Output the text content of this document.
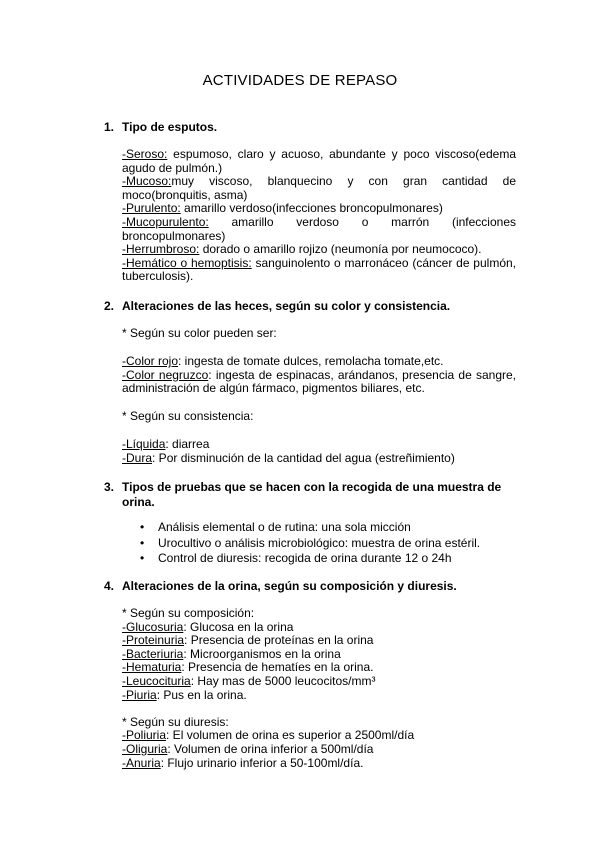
ACTIVIDADES DE REPASO
1. Tipo de esputos.
-Seroso: espumoso, claro y acuoso, abundante y poco viscoso(edema agudo de pulmón.)
-Mucoso:muy viscoso, blanquecino y con gran cantidad de moco(bronquitis, asma)
-Purulento: amarillo verdoso(infecciones broncopulmonares)
-Mucopurulento: amarillo verdoso o marrón (infecciones broncopulmonares)
-Herrumbroso: dorado o amarillo rojizo (neumonía por neumococo).
-Hemático o hemoptisis: sanguinolento o marronáceo (cáncer de pulmón, tuberculosis).
2. Alteraciones de las heces, según su color y consistencia.
* Según su color pueden ser:
-Color rojo: ingesta de tomate dulces, remolacha tomate,etc.
-Color negruzco: ingesta de espinacas, arándanos, presencia de sangre, administración de algún fármaco, pigmentos biliares, etc.
* Según su consistencia:
-Líquida: diarrea
-Dura: Por disminución de la cantidad del agua (estreñimiento)
3. Tipos de pruebas que se hacen con la recogida de una muestra de orina.
• Análisis elemental o de rutina: una sola micción
• Urocultivo o análisis microbiológico: muestra de orina estéril.
• Control de diuresis: recogida de orina durante 12 o 24h
4. Alteraciones de la orina, según su composición y diuresis.
* Según su composición:
-Glucosuria: Glucosa en la orina
-Proteinuria: Presencia de proteínas en la orina
-Bacteriuria: Microorganismos en la orina
-Hematuria: Presencia de hematíes en la orina.
-Leucocituria: Hay mas de 5000 leucocitos/mm³
-Piuria: Pus en la orina.
* Según su diuresis:
-Poliuria: El volumen de orina es superior a 2500ml/día
-Oliguria: Volumen de orina inferior a 500ml/día
-Anuria: Flujo urinario inferior a 50-100ml/día.
